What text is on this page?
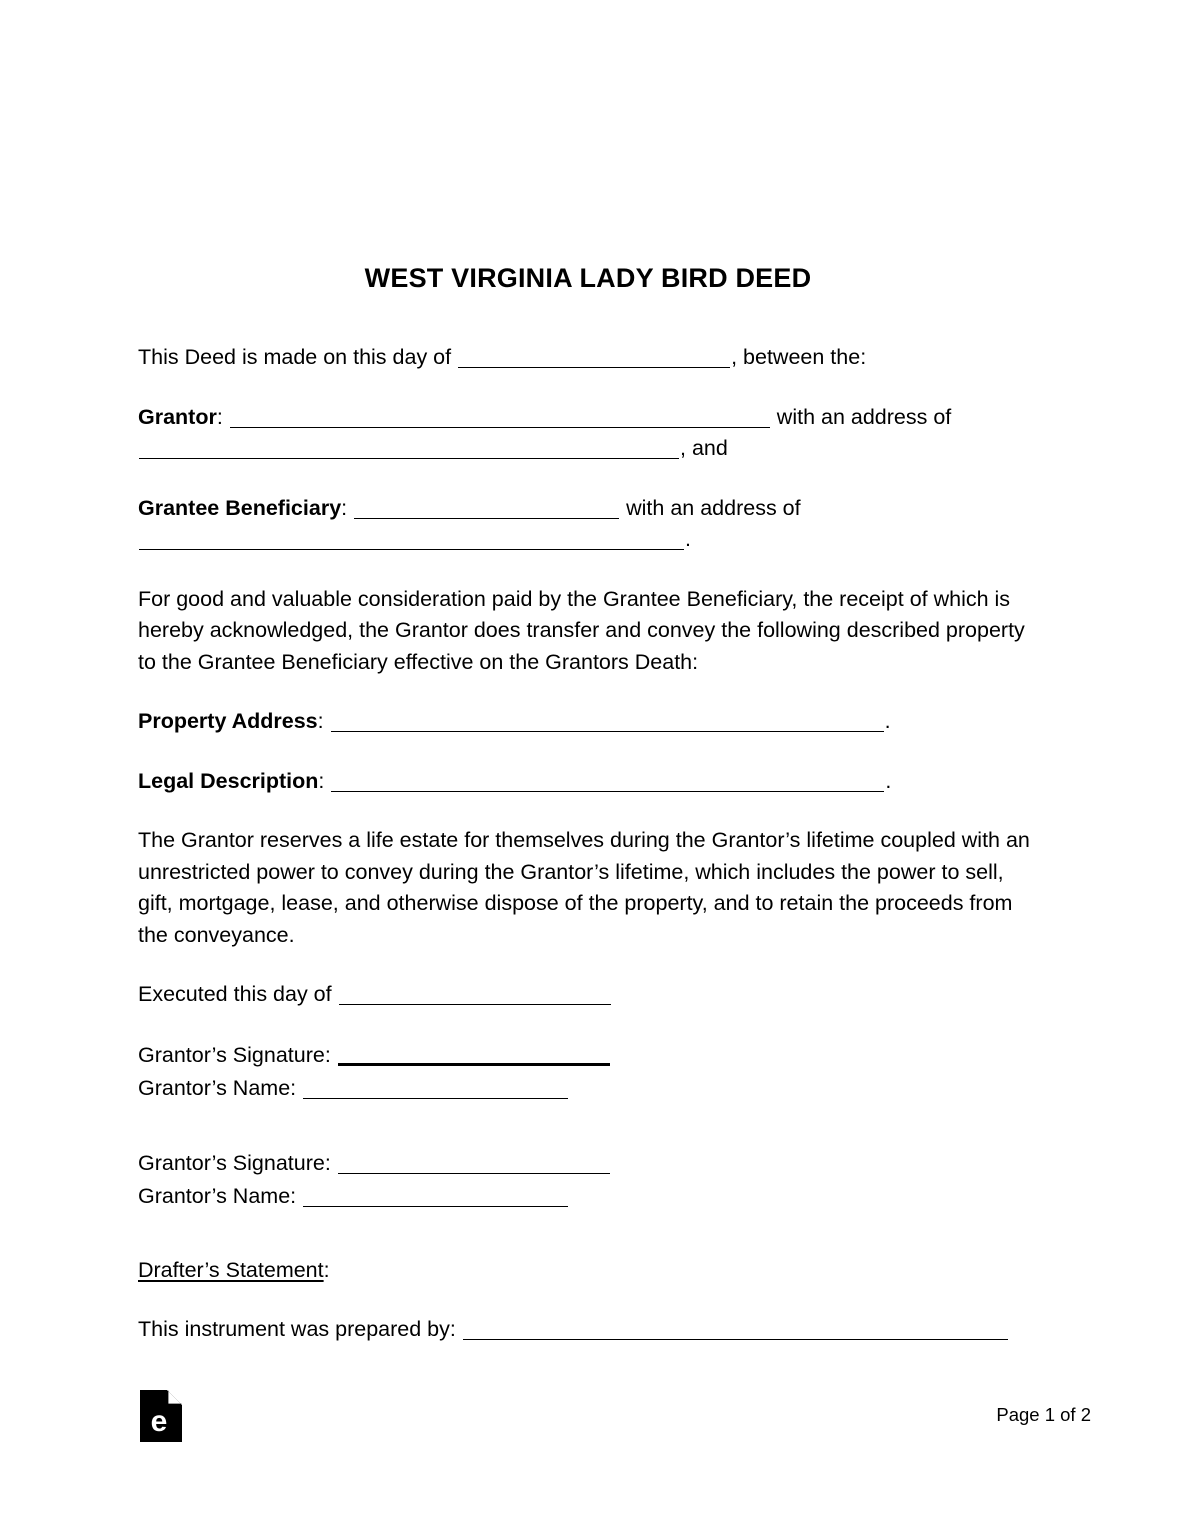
WEST VIRGINIA LADY BIRD DEED

This Deed is made on this day of	, between the:

Grantor:	with an address of , and

Grantee Beneficiary:	with an address of .

For good and valuable consideration paid by the Grantee Beneficiary, the receipt of which is hereby acknowledged, the Grantor does transfer and convey the following described property to the Grantee Beneficiary effective on the Grantors Death:

Property Address:	.

Legal Description:	.

The Grantor reserves a life estate for themselves during the Grantor’s lifetime coupled with an unrestricted power to convey during the Grantor’s lifetime, which includes the power to sell, gift, mortgage, lease, and otherwise dispose of the property, and to retain the proceeds from the conveyance.

Executed this day of

Grantor’s Signature:
Grantor’s Name:
Grantor’s Signature:
Grantor’s Name:

Drafter’s Statement:

This instrument was prepared by:

e	Page 1 of 2
